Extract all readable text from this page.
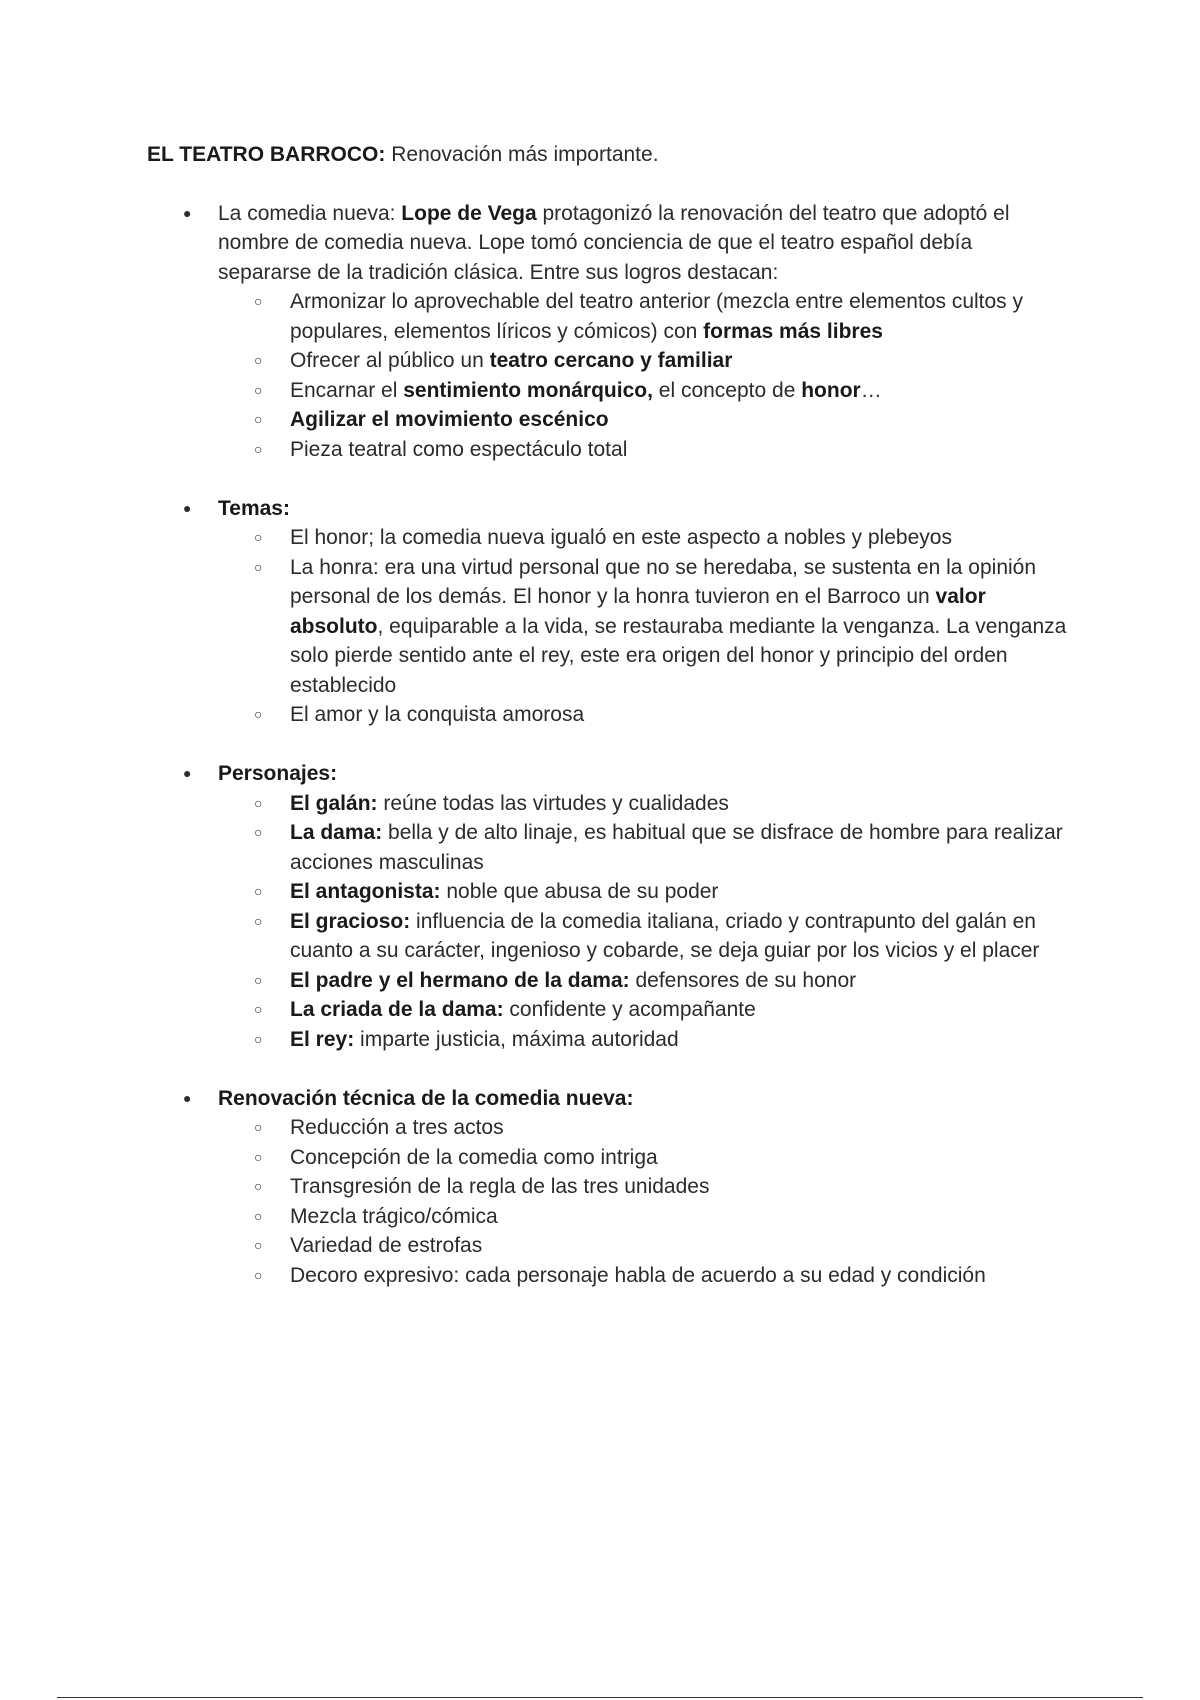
EL TEATRO BARROCO: Renovación más importante.

● La comedia nueva: Lope de Vega protagonizó la renovación del teatro que adoptó el nombre de comedia nueva. Lope tomó conciencia de que el teatro español debía separarse de la tradición clásica. Entre sus logros destacan:
○ Armonizar lo aprovechable del teatro anterior (mezcla entre elementos cultos y populares, elementos líricos y cómicos) con formas más libres
○ Ofrecer al público un teatro cercano y familiar
○ Encarnar el sentimiento monárquico, el concepto de honor…
○ Agilizar el movimiento escénico
○ Pieza teatral como espectáculo total
● Temas:
○ El honor; la comedia nueva igualó en este aspecto a nobles y plebeyos
○ La honra: era una virtud personal que no se heredaba, se sustenta en la opinión personal de los demás. El honor y la honra tuvieron en el Barroco un valor absoluto, equiparable a la vida, se restauraba mediante la venganza. La venganza solo pierde sentido ante el rey, este era origen del honor y principio del orden establecido
○ El amor y la conquista amorosa
● Personajes:
○ El galán: reúne todas las virtudes y cualidades
○ La dama: bella y de alto linaje, es habitual que se disfrace de hombre para realizar acciones masculinas
○ El antagonista: noble que abusa de su poder
○ El gracioso: influencia de la comedia italiana, criado y contrapunto del galán en cuanto a su carácter, ingenioso y cobarde, se deja guiar por los vicios y el placer
○ El padre y el hermano de la dama: defensores de su honor
○ La criada de la dama: confidente y acompañante
○ El rey: imparte justicia, máxima autoridad
● Renovación técnica de la comedia nueva:
○ Reducción a tres actos
○ Concepción de la comedia como intriga
○ Transgresión de la regla de las tres unidades
○ Mezcla trágico/cómica
○ Variedad de estrofas
○ Decoro expresivo: cada personaje habla de acuerdo a su edad y condición
